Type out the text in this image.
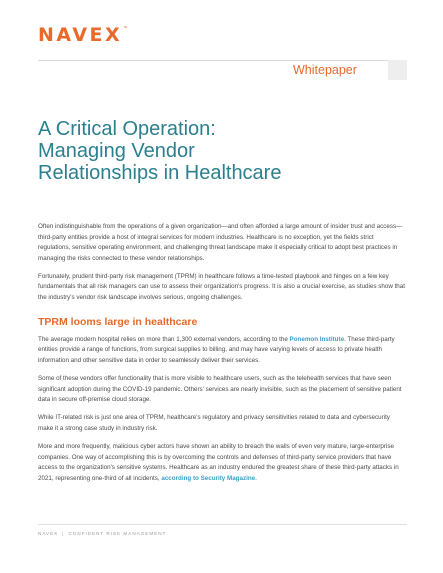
NAVEX™
Whitepaper
A Critical Operation:
Managing Vendor
Relationships in Healthcare

Often indistinguishable from the operations of a given organization—and often afforded a large amount of insider trust and access—third-party entities provide a host of integral services for modern industries. Healthcare is no exception, yet the fields strict regulations, sensitive operating environment, and challenging threat landscape make it especially critical to adopt best practices in managing the risks connected to these vendor relationships.

Fortunately, prudent third-party risk management (TPRM) in healthcare follows a time-tested playbook and hinges on a few key fundamentals that all risk managers can use to assess their organization's progress. It is also a crucial exercise, as studies show that the industry's vendor risk landscape involves serious, ongoing challenges.

TPRM looms large in healthcare

The average modern hospital relies on more than 1,300 external vendors, according to the Ponemon Institute. These third-party entities provide a range of functions, from surgical supplies to billing, and may have varying levels of access to private health information and other sensitive data in order to seamlessly deliver their services.

Some of these vendors offer functionality that is more visible to healthcare users, such as the telehealth services that have seen significant adoption during the COVID-19 pandemic. Others' services are nearly invisible, such as the placement of sensitive patient data in secure off-premise cloud storage.

While IT-related risk is just one area of TPRM, healthcare's regulatory and privacy sensitivities related to data and cybersecurity make it a strong case study in industry risk.

More and more frequently, malicious cyber actors have shown an ability to breach the walls of even very mature, large-enterprise companies. One way of accomplishing this is by overcoming the controls and defenses of third-party service providers that have access to the organization's sensitive systems. Healthcare as an industry endured the greatest share of these third-party attacks in 2021, representing one-third of all incidents, according to Security Magazine.

NAVEX | CONFIDENT RISK MANAGEMENT
